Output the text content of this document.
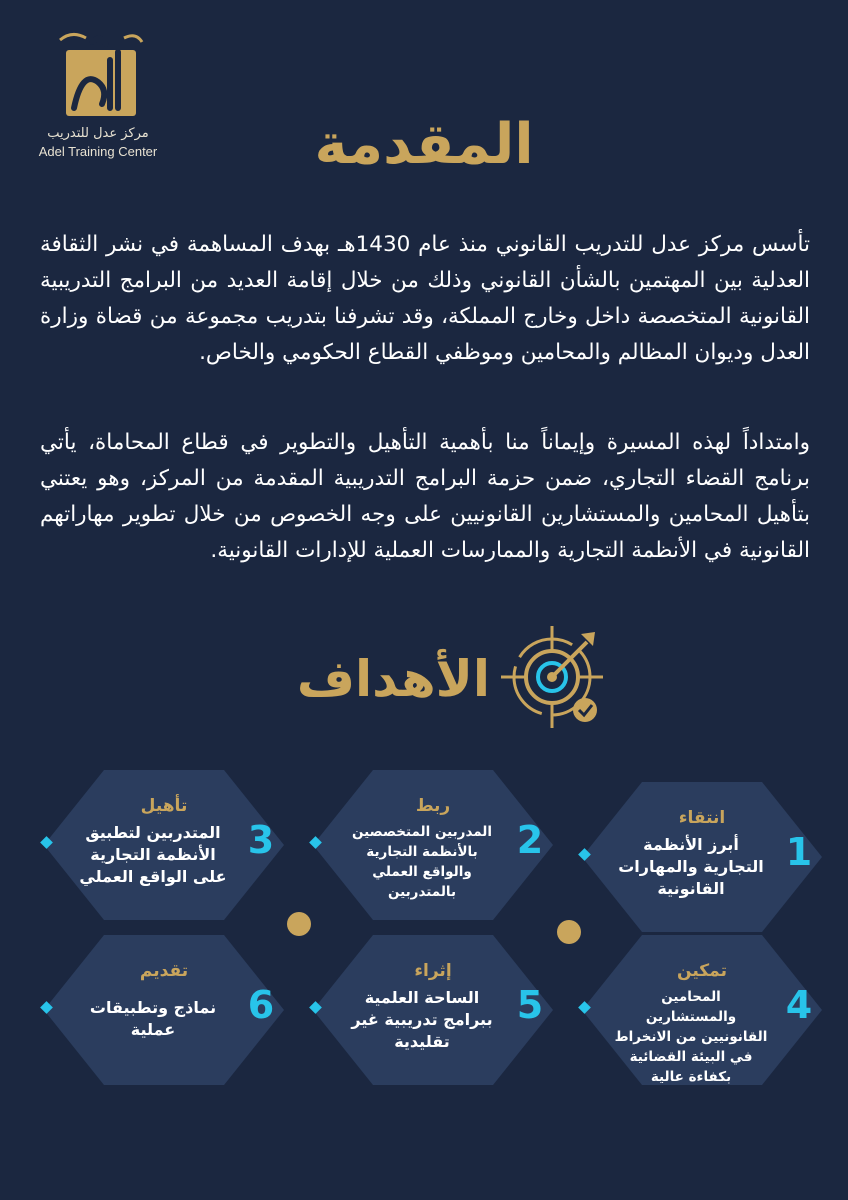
مركز عدل للتدريب
Adel Training Center	المقدمة
تأسس مركز عدل للتدريب القانوني منذ عام 1430هـ بهدف المساهمة في نشر الثقافة العدلية بين المهتمين بالشأن القانوني وذلك من خلال إقامة العديد من البرامج التدريبية القانونية المتخصصة داخل وخارج المملكة، وقد تشرفنا بتدريب مجموعة من قضاة وزارة العدل وديوان المظالم والمحامين وموظفي القطاع الحكومي والخاص.
وامتداداً لهذه المسيرة وإيماناً منا بأهمية التأهيل والتطوير في قطاع المحاماة، يأتي برنامج القضاء التجاري، ضمن حزمة البرامج التدريبية المقدمة من المركز، وهو يعتني بتأهيل المحامين والمستشارين القانونيين على وجه الخصوص من خلال تطوير مهاراتهم القانونية في الأنظمة التجارية والممارسات العملية للإدارات القانونية.
الأهداف
انتقاء
أبرز الأنظمة التجارية والمهارات القانونية
1
ربط
المدربين المتخصصين بالأنظمة التجارية والواقع العملي بالمتدربين
2
تأهيل
المتدربين لتطبيق الأنظمة التجارية على الواقع العملي
3
تمكين
المحامين والمستشارين القانونيين من الانخراط في البيئة القضائية بكفاءة عالية
4
إثراء
الساحة العلمية ببرامج تدريبية غير تقليدية
5
تقديم
نماذج وتطبيقات عملية
6
